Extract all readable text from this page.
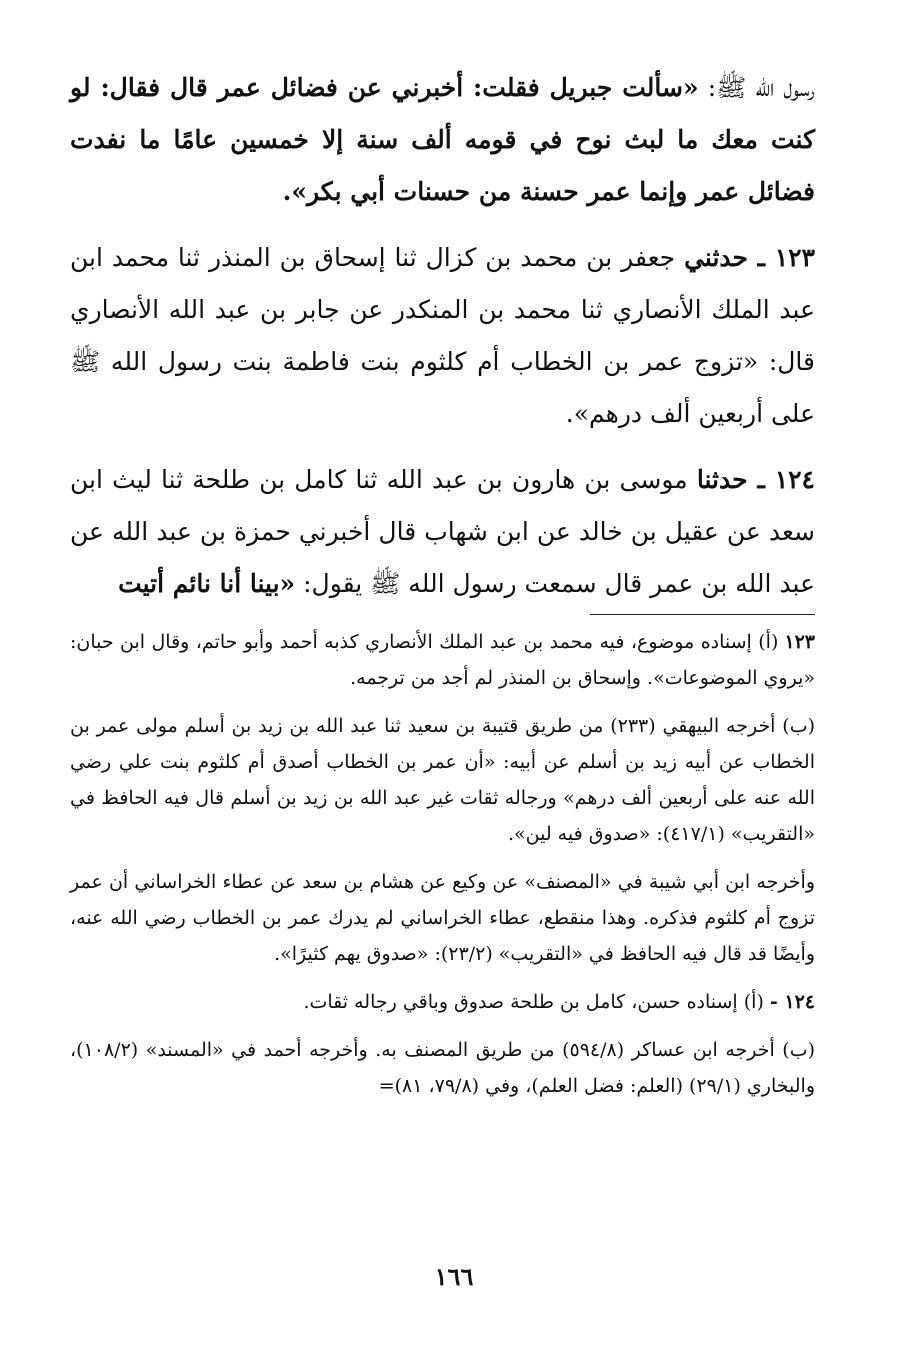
رسول الله ﷺ: «سألت جبريل فقلت: أخبرني عن فضائل عمر قال فقال: لو كنت معك ما لبث نوح في قومه ألف سنة إلا خمسين عامًا ما نفدت فضائل عمر وإنما عمر حسنة من حسنات أبي بكر».

١٢٣ ـ حدثني جعفر بن محمد بن كزال ثنا إسحاق بن المنذر ثنا محمد ابن عبد الملك الأنصاري ثنا محمد بن المنكدر عن جابر بن عبد الله الأنصاري قال: «تزوج عمر بن الخطاب أم كلثوم بنت فاطمة بنت رسول الله ﷺ على أربعين ألف درهم».

١٢٤ ـ حدثنا موسى بن هارون بن عبد الله ثنا كامل بن طلحة ثنا ليث ابن سعد عن عقيل بن خالد عن ابن شهاب قال أخبرني حمزة بن عبد الله عن عبد الله بن عمر قال سمعت رسول الله ﷺ يقول: «بينا أنا نائم أتيت

١٢٣(أ) إسناده موضوع، فيه محمد بن عبد الملك الأنصاري كذبه أحمد وأبو حاتم، وقال ابن حبان: «يروي الموضوعات». وإسحاق بن المنذر لم أجد من ترجمه.

(ب) أخرجه البيهقي (٢٣٣) من طريق قتيبة بن سعيد ثنا عبد الله بن زيد بن أسلم مولى عمر بن الخطاب عن أبيه زيد بن أسلم عن أبيه: «أن عمر بن الخطاب أصدق أم كلثوم بنت علي رضي الله عنه على أربعين ألف درهم» ورجاله ثقات غير عبد الله بن زيد بن أسلم قال فيه الحافظ في «التقريب» (٤١٧/١): «صدوق فيه لين».

وأخرجه ابن أبي شيبة في «المصنف» عن وكيع عن هشام بن سعد عن عطاء الخراساني أن عمر تزوج أم كلثوم فذكره. وهذا منقطع، عطاء الخراساني لم يدرك عمر بن الخطاب رضي الله عنه، وأيضًا قد قال فيه الحافظ في «التقريب» (٢٣/٢): «صدوق يهم كثيرًا».

١٢٤ -(أ) إسناده حسن، كامل بن طلحة صدوق وباقي رجاله ثقات.

(ب) أخرجه ابن عساكر (٥٩٤/٨) من طريق المصنف به. وأخرجه أحمد في «المسند» (١٠٨/٢)، والبخاري (٢٩/١) (العلم: فضل العلم)، وفي (٧٩/٨، ٨١)=

١٦٦
